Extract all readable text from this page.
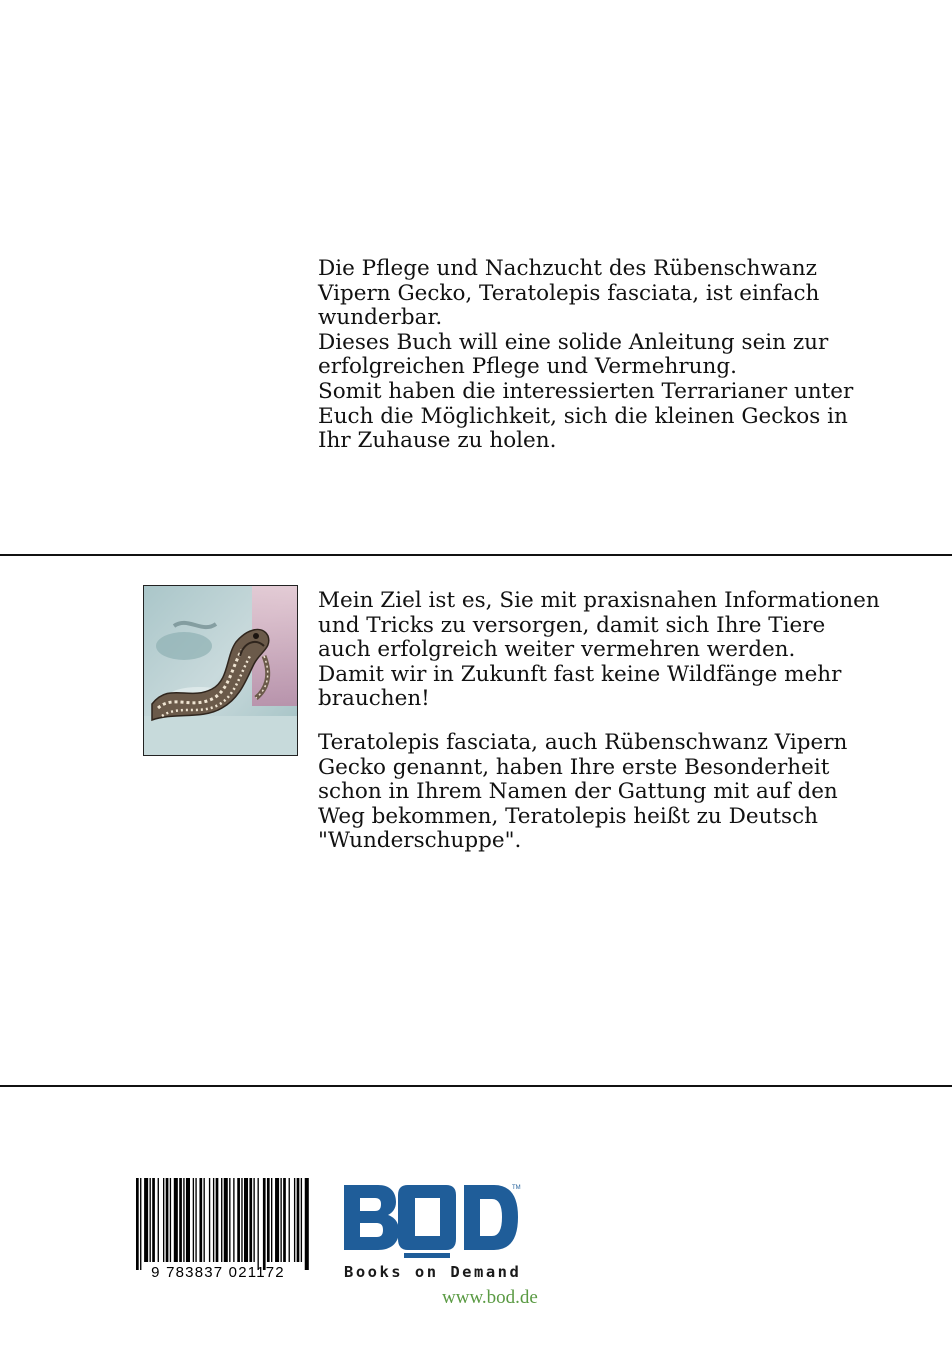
Die Pflege und Nachzucht des Rübenschwanz
Vipern Gecko, Teratolepis fasciata, ist einfach
wunderbar.
Dieses Buch will eine solide Anleitung sein zur
erfolgreichen Pflege und Vermehrung.
Somit haben die interessierten Terrarianer unter
Euch die Möglichkeit, sich die kleinen Geckos in
Ihr Zuhause zu holen.
Mein Ziel ist es, Sie mit praxisnahen Informationen
und Tricks zu versorgen, damit sich Ihre Tiere
auch erfolgreich weiter vermehren werden.
Damit wir in Zukunft fast keine Wildfänge mehr
brauchen!
Teratolepis fasciata, auch Rübenschwanz Vipern
Gecko genannt, haben Ihre erste Besonderheit
schon in Ihrem Namen der Gattung mit auf den
Weg bekommen, Teratolepis heißt zu Deutsch
"Wunderschuppe".
9 783837 021172
TM
Books on Demand
www.bod.de
